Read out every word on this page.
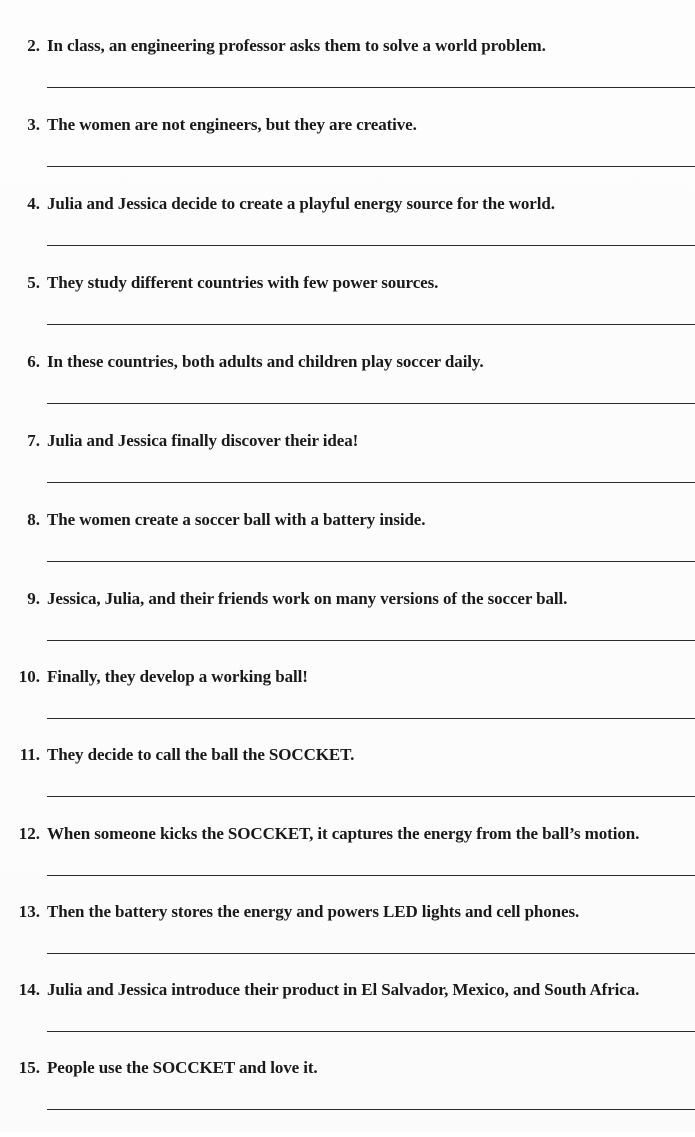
2. In class, an engineering professor asks them to solve a world problem.
3. The women are not engineers, but they are creative.
4. Julia and Jessica decide to create a playful energy source for the world.
5. They study different countries with few power sources.
6. In these countries, both adults and children play soccer daily.
7. Julia and Jessica finally discover their idea!
8. The women create a soccer ball with a battery inside.
9. Jessica, Julia, and their friends work on many versions of the soccer ball.
10. Finally, they develop a working ball!
11. They decide to call the ball the SOCCKET.
12. When someone kicks the SOCCKET, it captures the energy from the ball’s motion.
13. Then the battery stores the energy and powers LED lights and cell phones.
14. Julia and Jessica introduce their product in El Salvador, Mexico, and South Africa.
15. People use the SOCCKET and love it.
